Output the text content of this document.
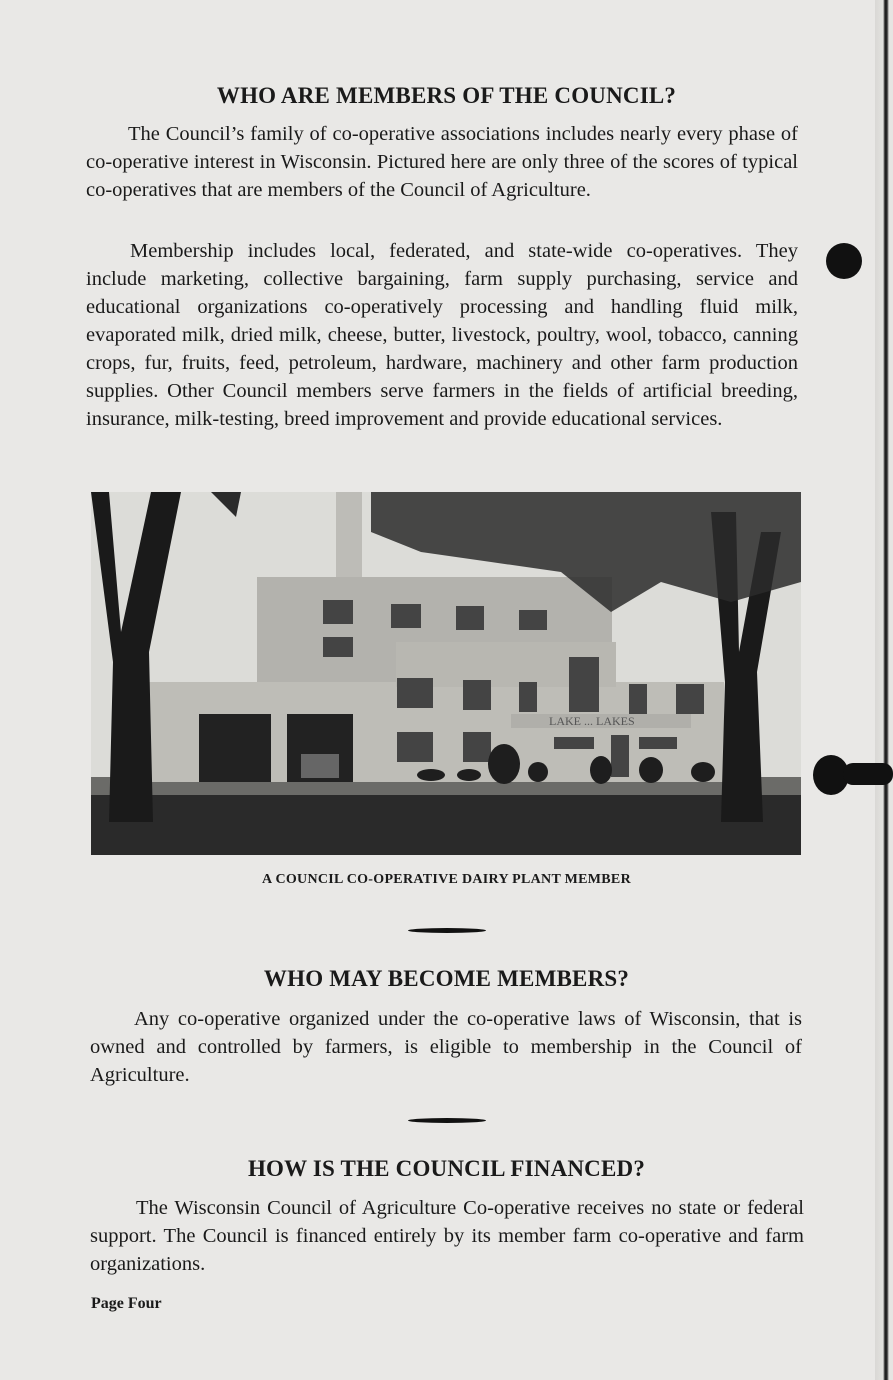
WHO ARE MEMBERS OF THE COUNCIL?

The Council’s family of co-operative associations includes nearly every phase of co-operative interest in Wisconsin. Pictured here are only three of the scores of typical co-operatives that are members of the Council of Agriculture.

Membership includes local, federated, and state-wide co-operatives. They include marketing, collective bargaining, farm supply purchasing, service and educational organizations co-operatively processing and handling fluid milk, evaporated milk, dried milk, cheese, butter, livestock, poultry, wool, tobacco, canning crops, fur, fruits, feed, petroleum, hardware, machinery and other farm production supplies. Other Council members serve farmers in the fields of artificial breeding, insurance, milk-testing, breed improvement and provide educational services.

LAKE ... LAKES
A COUNCIL CO-OPERATIVE DAIRY PLANT MEMBER
WHO MAY BECOME MEMBERS?

Any co-operative organized under the co-operative laws of Wisconsin, that is owned and controlled by farmers, is eligible to membership in the Council of Agriculture.

HOW IS THE COUNCIL FINANCED?

The Wisconsin Council of Agriculture Co-operative receives no state or federal support. The Council is financed entirely by its member farm co-operative and farm organizations.

Page Four
